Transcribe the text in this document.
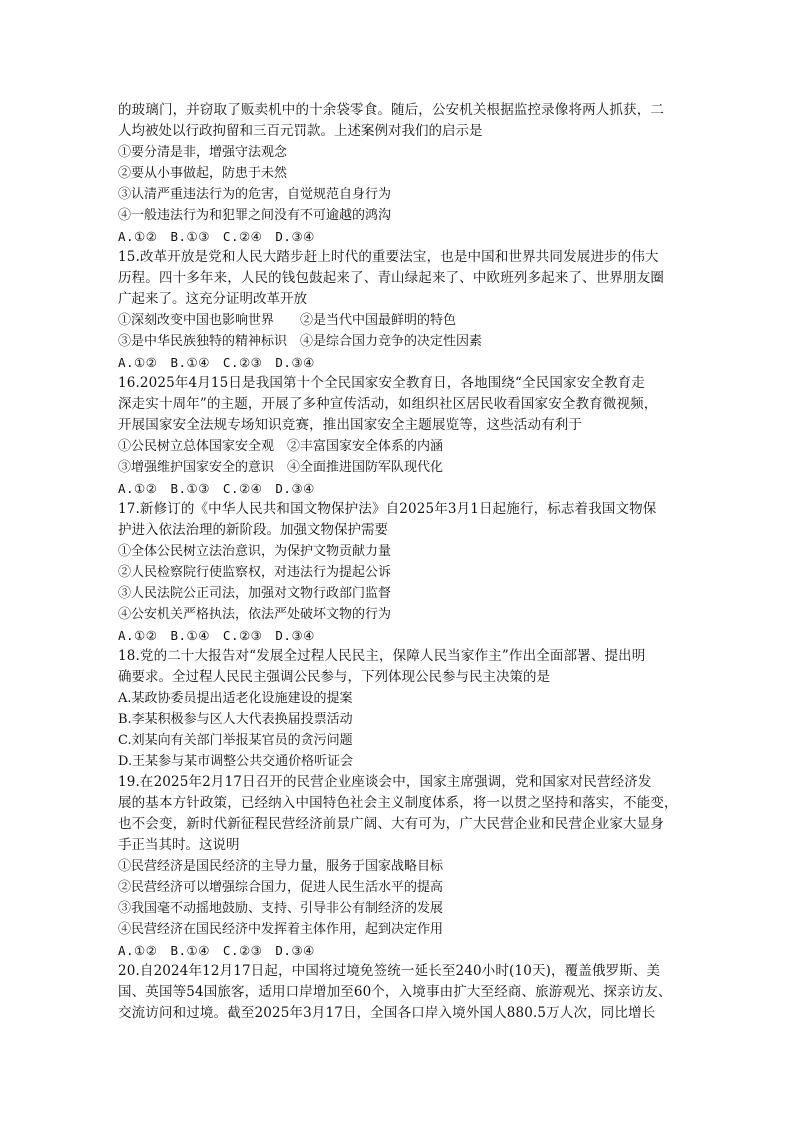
的玻璃门，并窃取了贩卖机中的十余袋零食。随后，公安机关根据监控录像将两人抓获，二
人均被处以行政拘留和三百元罚款。上述案例对我们的启示是
①要分清是非，增强守法观念
②要从小事做起，防患于未然
③认清严重违法行为的危害，自觉规范自身行为
④一般违法行为和犯罪之间没有不可逾越的鸿沟
A.①②　B.①③　C.②④　D.③④
15.改革开放是党和人民大踏步赶上时代的重要法宝，也是中国和世界共同发展进步的伟大
历程。四十多年来，人民的钱包鼓起来了、青山绿起来了、中欧班列多起来了、世界朋友圈
广起来了。这充分证明改革开放
①深刻改变中国也影响世界　　②是当代中国最鲜明的特色
③是中华民族独特的精神标识　④是综合国力竞争的决定性因素
A.①②　B.①④　C.②③　D.③④
16.2025年4月15日是我国第十个全民国家安全教育日，各地围绕“全民国家安全教育走
深走实十周年”的主题，开展了多种宣传活动，如组织社区居民收看国家安全教育微视频，
开展国家安全法规专场知识竞赛，推出国家安全主题展览等，这些活动有利于
①公民树立总体国家安全观　②丰富国家安全体系的内涵
③增强维护国家安全的意识　④全面推进国防军队现代化
A.①②　B.①③　C.②④　D.③④
17.新修订的《中华人民共和国文物保护法》自2025年3月1日起施行，标志着我国文物保
护进入依法治理的新阶段。加强文物保护需要
①全体公民树立法治意识，为保护文物贡献力量
②人民检察院行使监察权，对违法行为提起公诉
③人民法院公正司法，加强对文物行政部门监督
④公安机关严格执法，依法严处破坏文物的行为
A.①②　B.①④　C.②③　D.③④
18.党的二十大报告对“发展全过程人民民主，保障人民当家作主”作出全面部署、提出明
确要求。全过程人民民主强调公民参与，下列体现公民参与民主决策的是
A.某政协委员提出适老化设施建设的提案
B.李某积极参与区人大代表换届投票活动
C.刘某向有关部门举报某官员的贪污问题
D.王某参与某市调整公共交通价格听证会
19.在2025年2月17日召开的民营企业座谈会中，国家主席强调，党和国家对民营经济发
展的基本方针政策，已经纳入中国特色社会主义制度体系，将一以贯之坚持和落实，不能变，
也不会变，新时代新征程民营经济前景广阔、大有可为，广大民营企业和民营企业家大显身
手正当其时。这说明
①民营经济是国民经济的主导力量，服务于国家战略目标
②民营经济可以增强综合国力，促进人民生活水平的提高
③我国毫不动摇地鼓励、支持、引导非公有制经济的发展
④民营经济在国民经济中发挥着主体作用，起到决定作用
A.①②　B.①④　C.②③　D.③④
20.自2024年12月17日起，中国将过境免签统一延长至240小时(10天)，覆盖俄罗斯、美
国、英国等54国旅客，适用口岸增加至60个，入境事由扩大至经商、旅游观光、探亲访友、
交流访问和过境。截至2025年3月17日，全国各口岸入境外国人880.5万人次，同比增长
